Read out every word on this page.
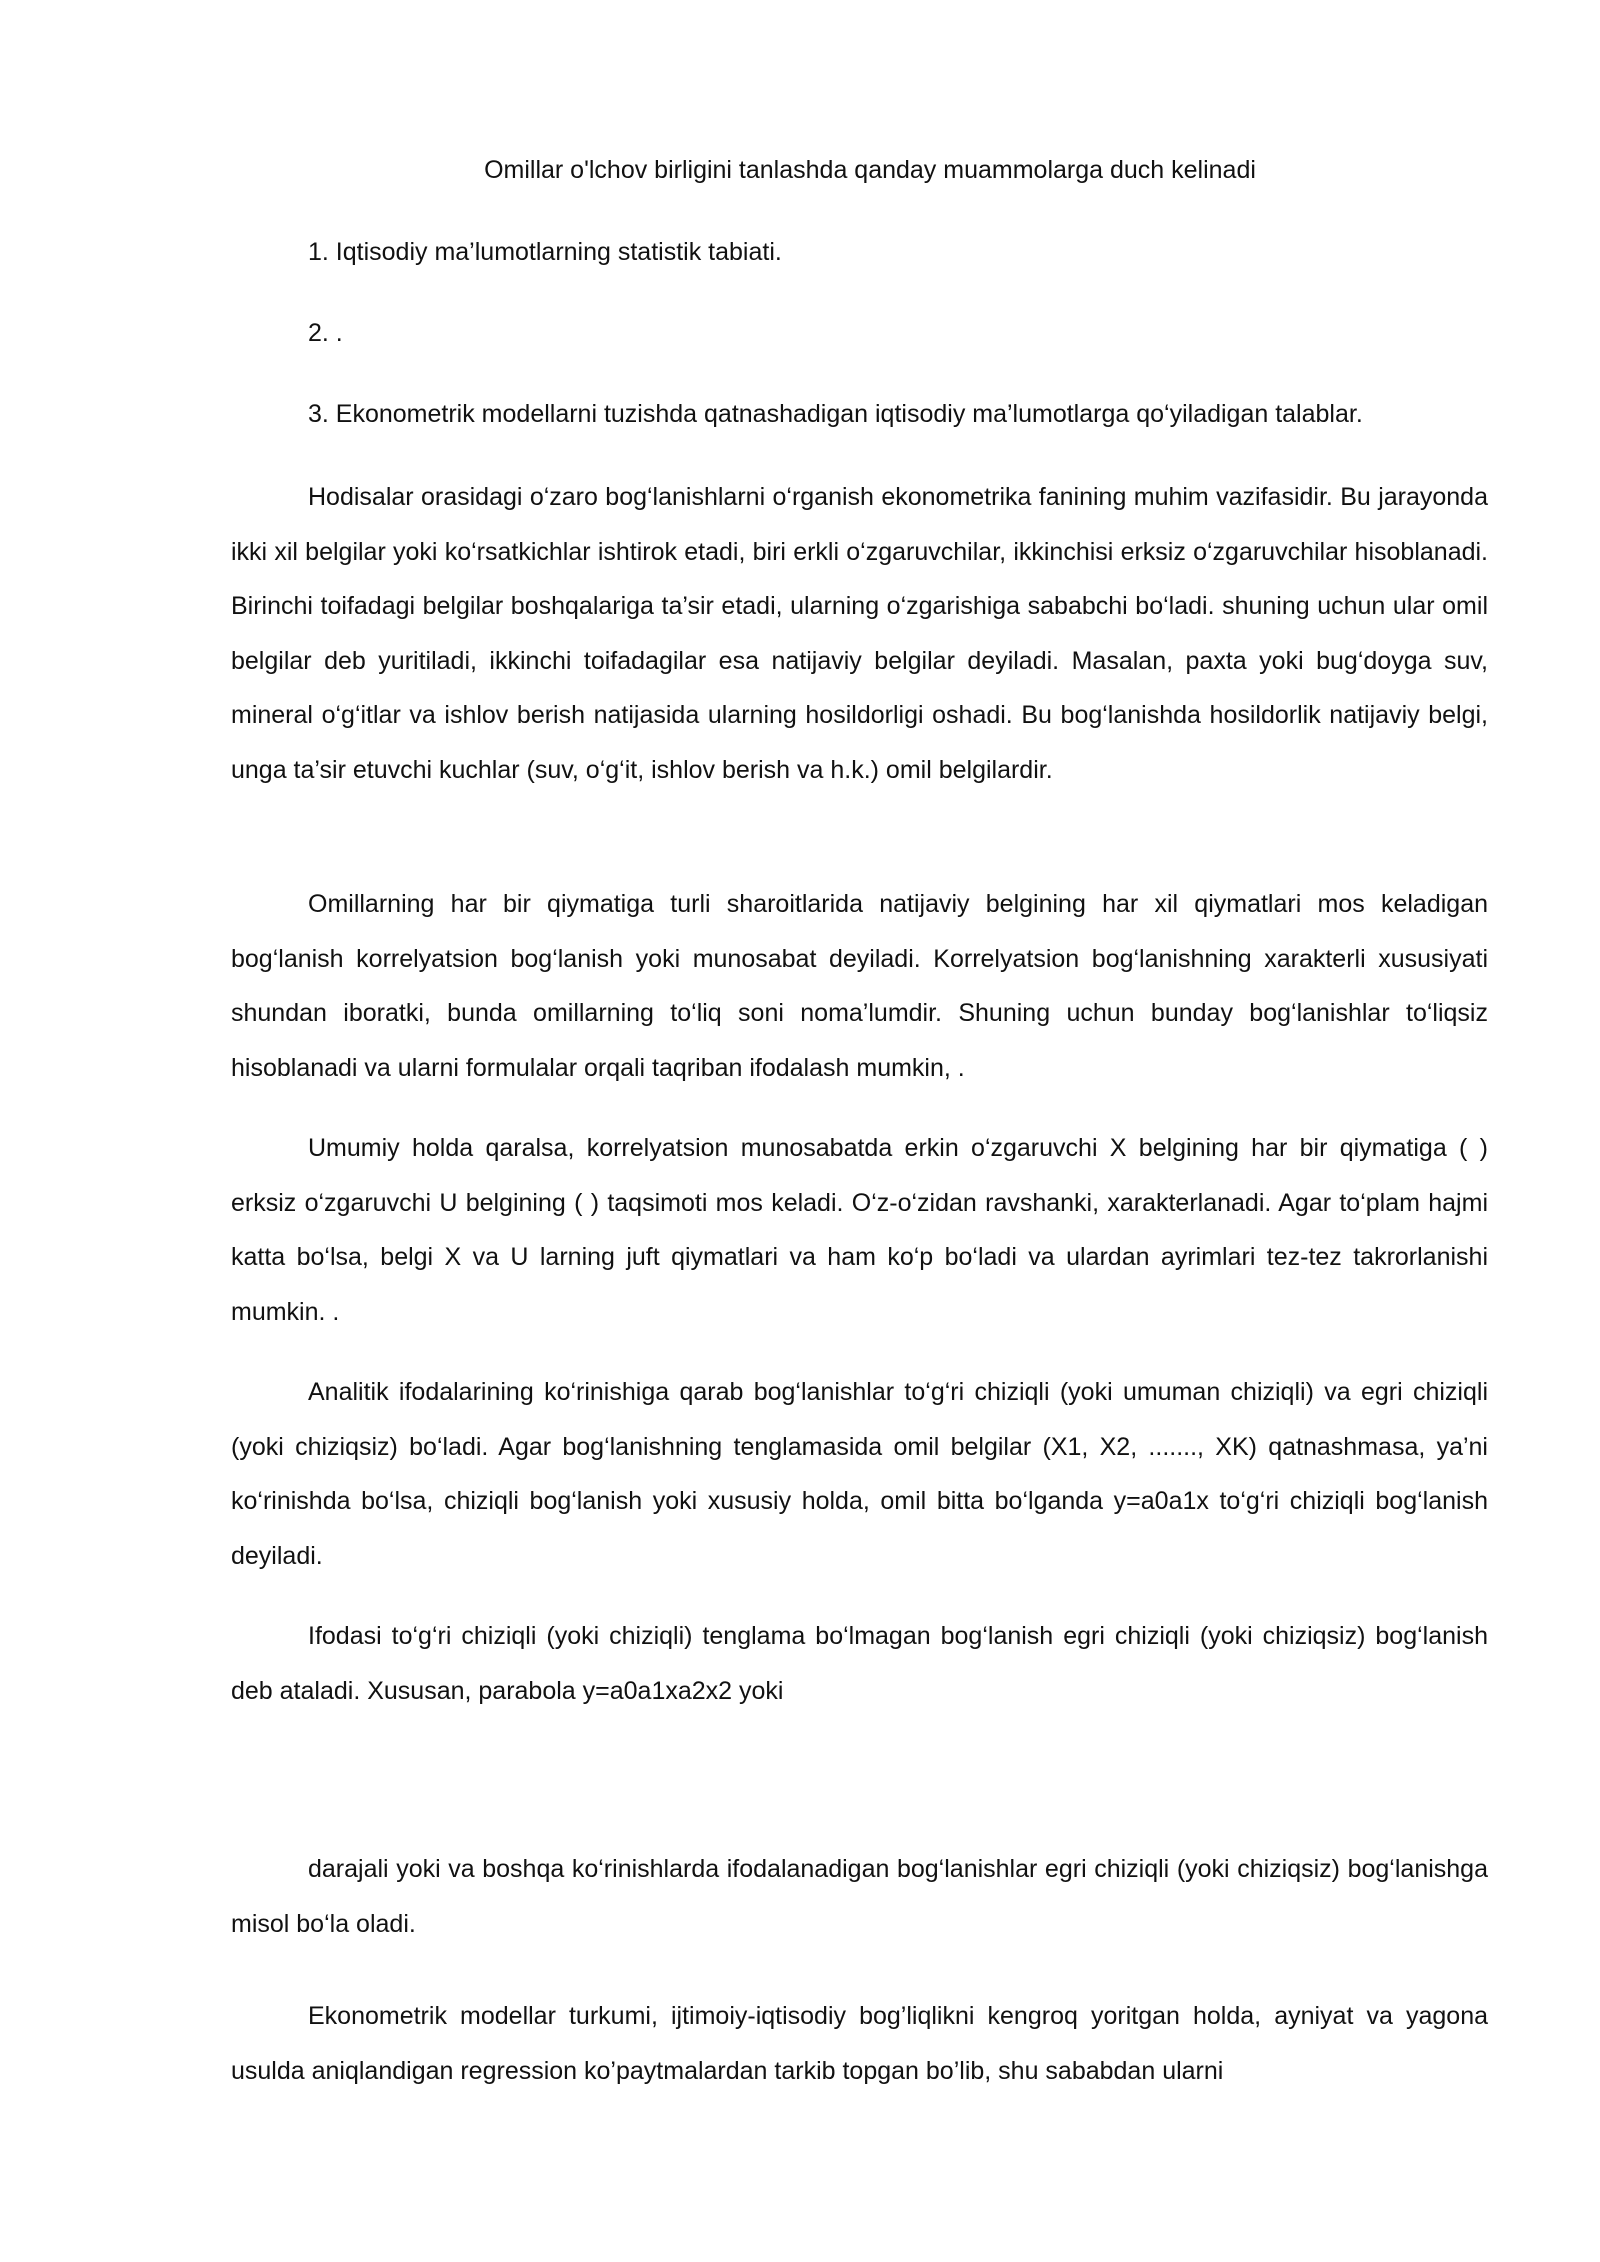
Omillar o'lchov birligini tanlashda qanday muammolarga duch kelinadi

1. Iqtisodiy ma’lumotlarning statistik tabiati.

2. .

3. Ekonometrik modellarni tuzishda qatnashadigan iqtisodiy ma’lumotlarga qo‘yiladigan talablar.

Hodisalar orasidagi o‘zaro bog‘lanishlarni o‘rganish ekonometrika fanining muhim vazifasidir. Bu jarayonda ikki xil belgilar yoki ko‘rsatkichlar ishtirok etadi, biri erkli o‘zgaruvchilar, ikkinchisi erksiz o‘zgaruvchilar hisoblanadi. Birinchi toifadagi belgilar boshqalariga ta’sir etadi, ularning o‘zgarishiga sababchi bo‘ladi. shuning uchun ular omil belgilar deb yuritiladi, ikkinchi toifadagilar esa natijaviy belgilar deyiladi. Masalan, paxta yoki bug‘doyga suv, mineral o‘g‘itlar va ishlov berish natijasida ularning hosildorligi oshadi. Bu bog‘lanishda hosildorlik natijaviy belgi, unga ta’sir etuvchi kuchlar (suv, o‘g‘it, ishlov berish va h.k.) omil belgilardir.

Omillarning har bir qiymatiga turli sharoitlarida natijaviy belgining har xil qiymatlari mos keladigan bog‘lanish korrelyatsion bog‘lanish yoki munosabat deyiladi. Korrelyatsion bog‘lanishning xarakterli xususiyati shundan iboratki, bunda omillarning to‘liq soni noma’lumdir. Shuning uchun bunday bog‘lanishlar to‘liqsiz hisoblanadi va ularni formulalar orqali taqriban ifodalash mumkin, .

Umumiy holda qaralsa, korrelyatsion munosabatda erkin o‘zgaruvchi X belgining har bir qiymatiga ( ) erksiz o‘zgaruvchi U belgining ( ) taqsimoti mos keladi. O‘z-o‘zidan ravshanki, xarakterlanadi. Agar to‘plam hajmi katta bo‘lsa, belgi X va U larning juft qiymatlari va ham ko‘p bo‘ladi va ulardan ayrimlari tez-tez takrorlanishi mumkin. .

Analitik ifodalarining ko‘rinishiga qarab bog‘lanishlar to‘g‘ri chiziqli (yoki umuman chiziqli) va egri chiziqli (yoki chiziqsiz) bo‘ladi. Agar bog‘lanishning tenglamasida omil belgilar (X1, X2, ......., XK) qatnashmasa, ya’ni ko‘rinishda bo‘lsa, chiziqli bog‘lanish yoki xususiy holda, omil bitta bo‘lganda y=a0a1x to‘g‘ri chiziqli bog‘lanish deyiladi.

Ifodasi to‘g‘ri chiziqli (yoki chiziqli) tenglama bo‘lmagan bog‘lanish egri chiziqli (yoki chiziqsiz) bog‘lanish deb ataladi. Xususan, parabola y=a0a1xa2x2 yoki

darajali yoki va boshqa ko‘rinishlarda ifodalanadigan bog‘lanishlar egri chiziqli (yoki chiziqsiz) bog‘lanishga misol bo‘la oladi.

Ekonometrik modellar turkumi, ijtimoiy-iqtisodiy bog’liqlikni kengroq yoritgan holda, ayniyat va yagona usulda aniqlandigan regression ko’paytmalardan tarkib topgan bo’lib, shu sababdan ularni
